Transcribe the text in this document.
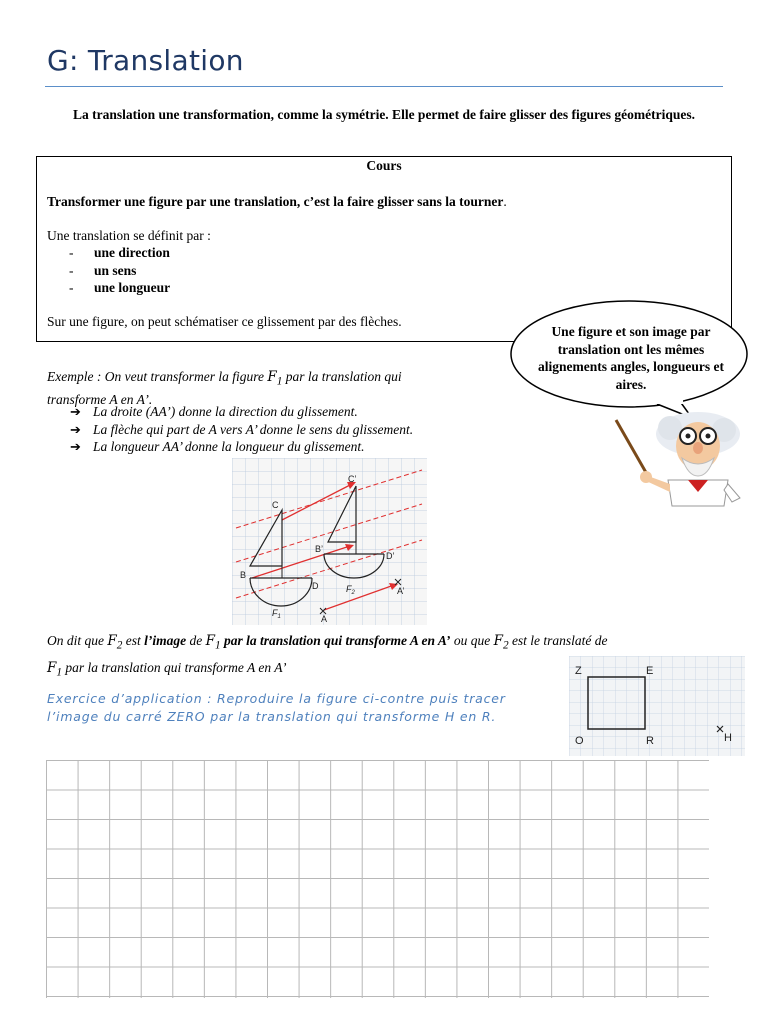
G: Translation
La translation une transformation, comme la symétrie. Elle permet de faire glisser des figures géométriques.
Cours
Transformer une figure par une translation, c’est la faire glisser sans la tourner.
Une translation se définit par :
-	une direction
-	un sens
-	une longueur
Sur une figure, on peut schématiser ce glissement par des flèches.
Une figure et son image par translation ont les mêmes alignements angles, longueurs et aires.
Exemple : On veut transformer la figure $F_1$ par la translation qui
transforme A en A’.
➔ La droite (AA’) donne la direction du glissement.
➔ La flèche qui part de A vers A’ donne le sens du glissement.
➔ La longueur AA’ donne la longueur du glissement.
C
C’
B
B’
D
D’
A
A’
$F_1$
$F_2$
On dit que $F_2$ est l’image de $F_1$ par la translation qui transforme A en A’ ou que $F_2$ est le translaté de
$F_1$ par la translation qui transforme A en A’
Exercice d’application : Reproduire la figure ci-contre puis tracer
l’image du carré ZERO par la translation qui transforme H en R.
Z	E
O	R	H
